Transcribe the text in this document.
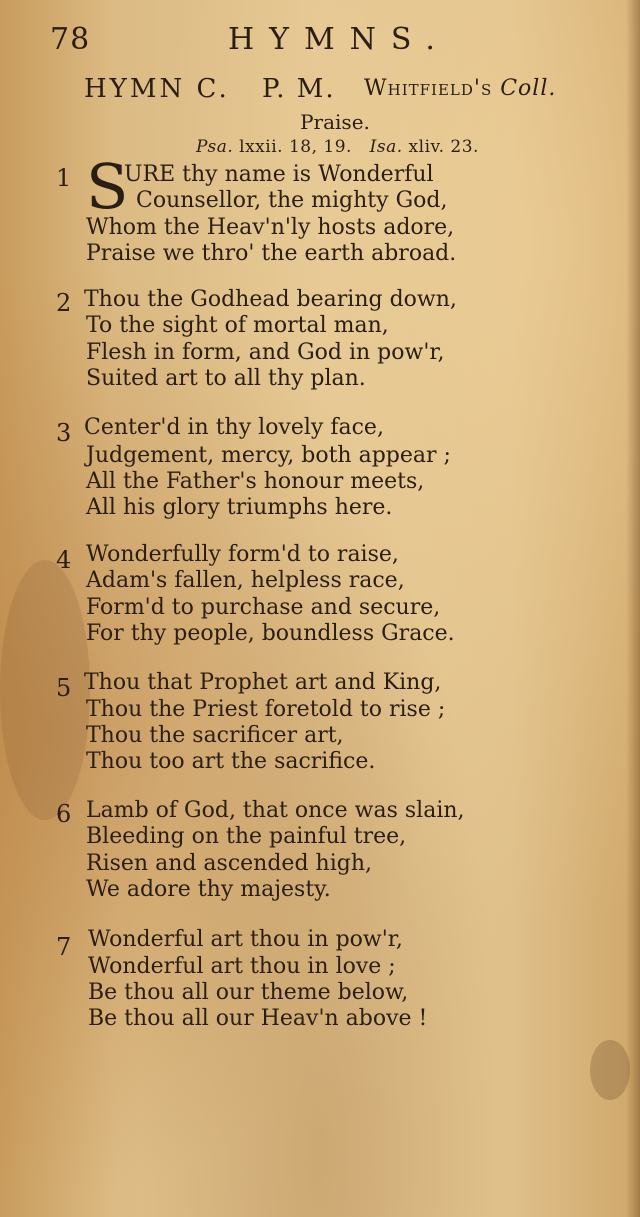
78	HYMNS.
HYMN C. P. M. Whitfield's Coll.
Praise.
Psa. lxxii. 18, 19. Isa. xliv. 23.
1 S
URE thy name is Wonderful
Counsellor, the mighty God,
Whom the Heav'n'ly hosts adore,
Praise we thro' the earth abroad.
2 Thou the Godhead bearing down,
To the sight of mortal man,
Flesh in form, and God in pow'r,
Suited art to all thy plan.
3 Center'd in thy lovely face,
Judgement, mercy, both appear ;
All the Father's honour meets,
All his glory triumphs here.
4 Wonderfully form'd to raise,
Adam's fallen, helpless race,
Form'd to purchase and secure,
For thy people, boundless Grace.
5 Thou that Prophet art and King,
Thou the Priest foretold to rise ;
Thou the sacrificer art,
Thou too art the sacrifice.
6 Lamb of God, that once was slain,
Bleeding on the painful tree,
Risen and ascended high,
We adore thy majesty.
7 Wonderful art thou in pow'r,
Wonderful art thou in love ;
Be thou all our theme below,
Be thou all our Heav'n above !
